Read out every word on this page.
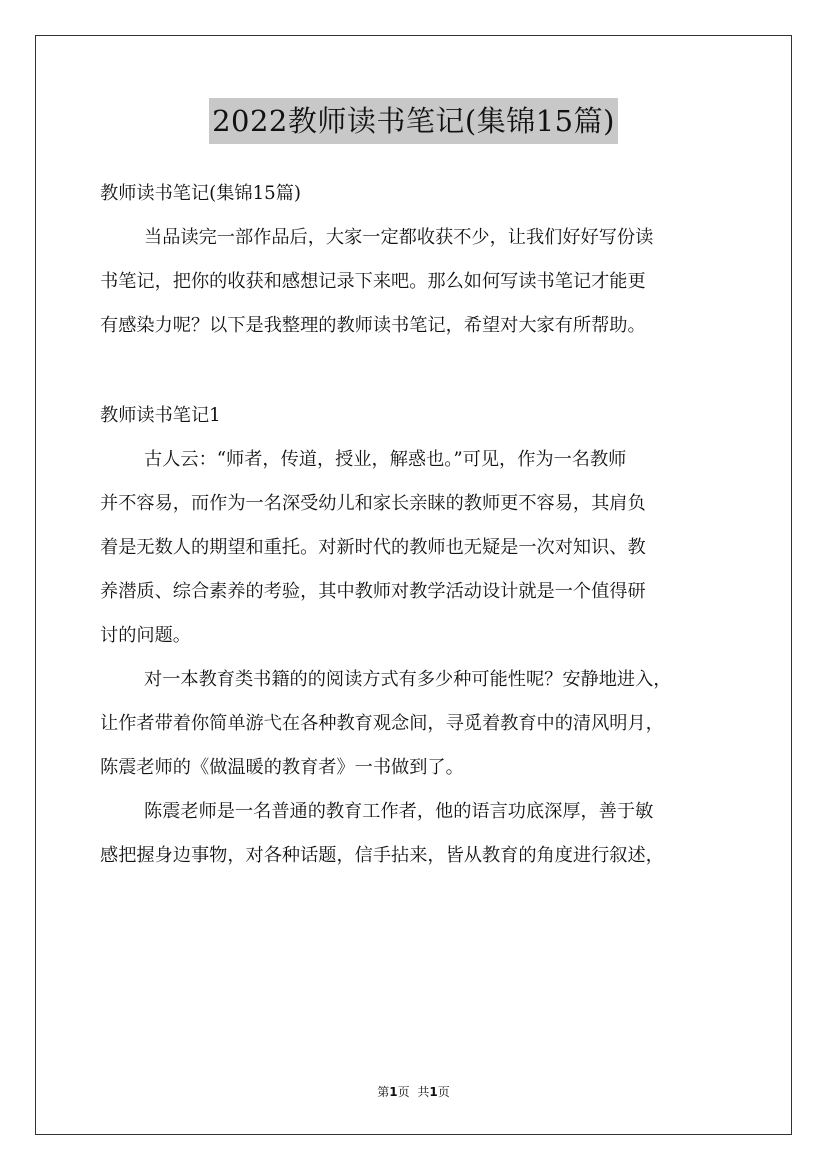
2022教师读书笔记(集锦15篇)
教师读书笔记(集锦15篇)
当品读完一部作品后，大家一定都收获不少，让我们好好写份读
书笔记，把你的收获和感想记录下来吧。那么如何写读书笔记才能更
有感染力呢？以下是我整理的教师读书笔记，希望对大家有所帮助。
教师读书笔记1
古人云：“师者，传道，授业，解惑也。”可见，作为一名教师
并不容易，而作为一名深受幼儿和家长亲睐的教师更不容易，其肩负
着是无数人的期望和重托。对新时代的教师也无疑是一次对知识、教
养潜质、综合素养的考验，其中教师对教学活动设计就是一个值得研
讨的问题。
对一本教育类书籍的的阅读方式有多少种可能性呢？安静地进入，
让作者带着你简单游弋在各种教育观念间，寻觅着教育中的清风明月，
陈震老师的《做温暖的教育者》一书做到了。
陈震老师是一名普通的教育工作者，他的语言功底深厚，善于敏
感把握身边事物，对各种话题，信手拈来，皆从教育的角度进行叙述，
第1页 共1页
